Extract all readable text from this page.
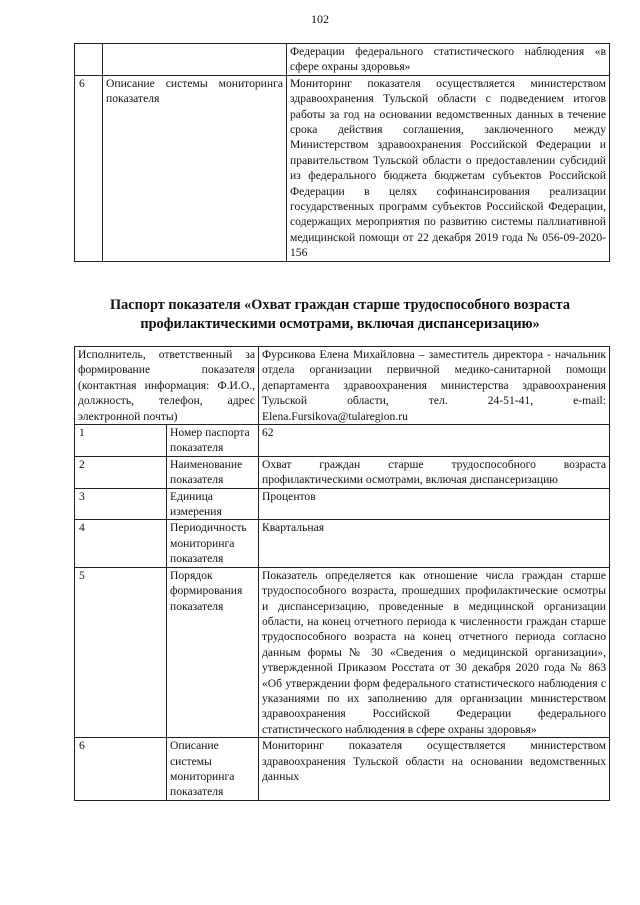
102
		Федерации федерального статистического наблюдения «в сфере охраны здоровья»
6	Описание системы мониторинга показателя	Мониторинг показателя осуществляется министерством здравоохранения Тульской области с подведением итогов работы за год на основании ведомственных данных в течение срока действия соглашения, заключенного между Министерством здравоохранения Российской Федерации и правительством Тульской области о предоставлении субсидий из федерального бюджета бюджетам субъектов Российской Федерации в целях софинансирования реализации государственных программ субъектов Российской Федерации, содержащих мероприятия по развитию системы паллиативной медицинской помощи от 22 декабря 2019 года № 056-09-2020-156
Паспорт показателя «Охват граждан старше трудоспособного возраста профилактическими осмотрами, включая диспансеризацию»
Исполнитель, ответственный за формирование показателя (контактная информация: Ф.И.О., должность, телефон, адрес электронной почты)		Фурсикова Елена Михайловна – заместитель директора - начальник отдела организации первичной медико-санитарной помощи департамента здравоохранения министерства здравоохранения Тульской области, тел. 24-51-41, e-mail: Elena.Fursikova@tularegion.ru
1	Номер паспорта показателя	62
2	Наименование показателя	Охват граждан старше трудоспособного возраста профилактическими осмотрами, включая диспансеризацию
3	Единица измерения	Процентов
4	Периодичность мониторинга показателя	Квартальная
5	Порядок формирования показателя	Показатель определяется как отношение числа граждан старше трудоспособного возраста, прошедших профилактические осмотры и диспансеризацию, проведенные в медицинской организации области, на конец отчетного периода к численности граждан старше трудоспособного возраста на конец отчетного периода согласно данным формы № 30 «Сведения о медицинской организации», утвержденной Приказом Росстата от 30 декабря 2020 года № 863 «Об утверждении форм федерального статистического наблюдения с указаниями по их заполнению для организации министерством здравоохранения Российской Федерации федерального статистического наблюдения в сфере охраны здоровья»
6	Описание системы мониторинга показателя	Мониторинг показателя осуществляется министерством здравоохранения Тульской области на основании ведомственных данных
